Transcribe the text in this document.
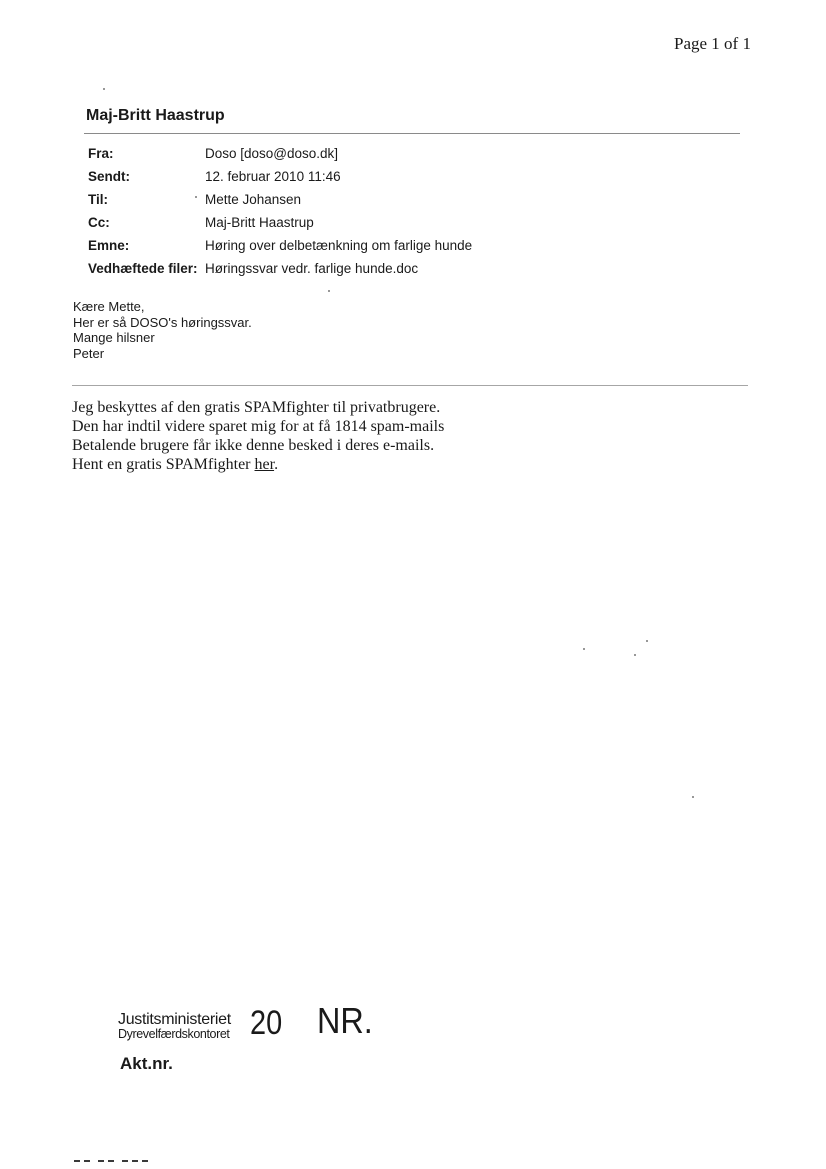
Page 1 of 1
Maj-Britt Haastrup
Fra:	Doso [doso@doso.dk]
Sendt:	12. februar 2010 11:46
Til:	Mette Johansen
Cc:	Maj-Britt Haastrup
Emne:	Høring over delbetænkning om farlige hunde
Vedhæftede filer:	Høringssvar vedr. farlige hunde.doc
Kære Mette,
Her er så DOSO's høringssvar.
Mange hilsner
Peter
Jeg beskyttes af den gratis SPAMfighter til privatbrugere.
Den har indtil videre sparet mig for at få 1814 spam-mails
Betalende brugere får ikke denne besked i deres e-mails.
Hent en gratis SPAMfighter her.
Justitsministeriet
Dyrevelfærdskontoret 20 NR.
Akt.nr.
